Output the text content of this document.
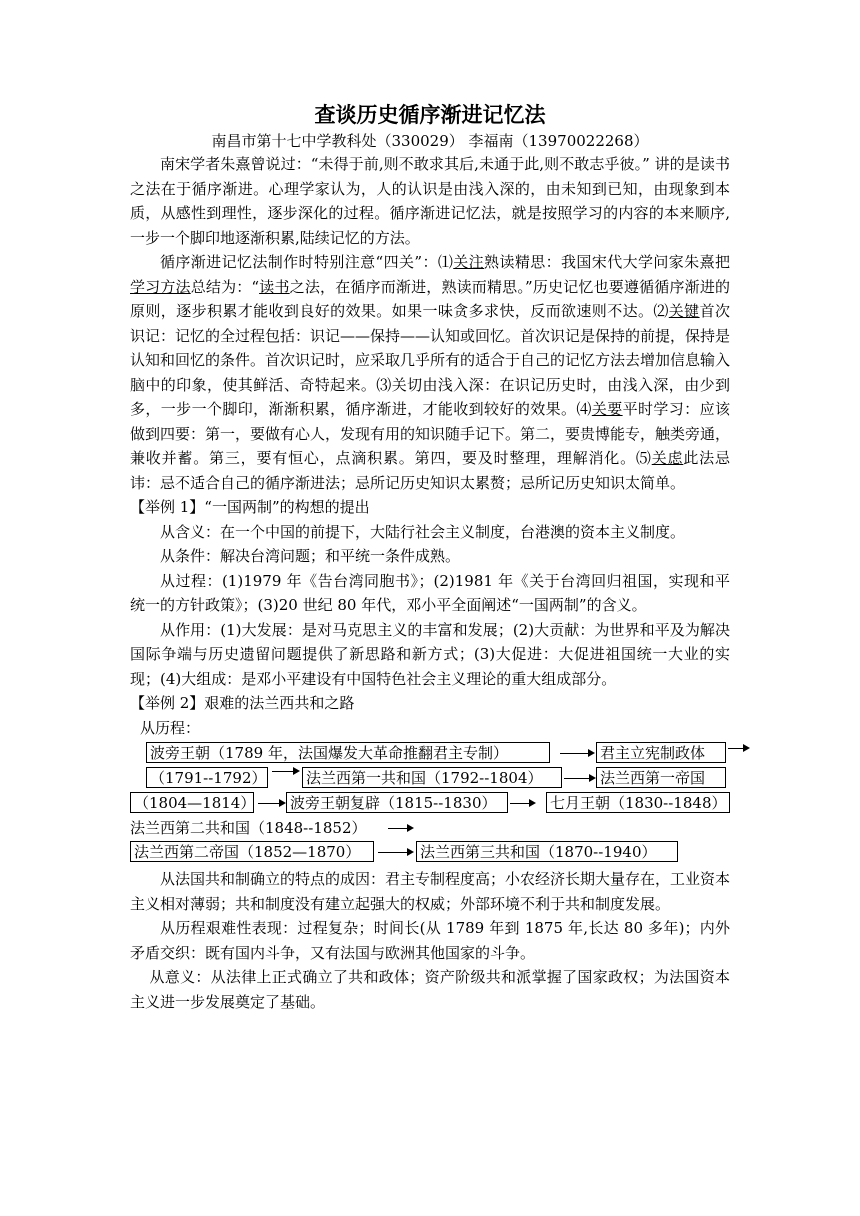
查谈历史循序渐进记忆法

南昌市第十七中学教科处（330029） 李福南（13970022268）

南宋学者朱熹曾说过：“未得于前,则不敢求其后,未通于此,则不敢志乎彼。” 讲的是读书之法在于循序渐进。心理学家认为，人的认识是由浅入深的，由未知到已知，由现象到本质，从感性到理性，逐步深化的过程。循序渐进记忆法，就是按照学习的内容的本来顺序,一步一个脚印地逐渐积累,陆续记忆的方法。

循序渐进记忆法制作时特别注意“四关”：⑴关注熟读精思：我国宋代大学问家朱熹把学习方法总结为：“读书之法，在循序而渐进，熟读而精思。”历史记忆也要遵循循序渐进的原则，逐步积累才能收到良好的效果。如果一味贪多求快，反而欲速则不达。⑵关键首次识记：记忆的全过程包括：识记——保持——认知或回忆。首次识记是保持的前提，保持是认知和回忆的条件。首次识记时，应采取几乎所有的适合于自己的记忆方法去增加信息输入脑中的印象，使其鲜活、奇特起来。⑶关切由浅入深：在识记历史时，由浅入深，由少到多，一步一个脚印，渐渐积累，循序渐进，才能收到较好的效果。⑷关要平时学习：应该做到四要：第一，要做有心人，发现有用的知识随手记下。第二，要贵博能专，触类旁通，兼收并蓄。第三，要有恒心，点滴积累。第四，要及时整理，理解消化。⑸关虑此法忌讳：忌不适合自己的循序渐进法；忌所记历史知识太累赘；忌所记历史知识太简单。

【举例 1】“一国两制”的构想的提出

从含义：在一个中国的前提下，大陆行社会主义制度，台港澳的资本主义制度。

从条件：解决台湾问题；和平统一条件成熟。

从过程：(1)1979 年《告台湾同胞书》；(2)1981 年《关于台湾回归祖国，实现和平统一的方针政策》；(3)20 世纪 80 年代，邓小平全面阐述“一国两制”的含义。

从作用：(1)大发展：是对马克思主义的丰富和发展；(2)大贡献：为世界和平及为解决国际争端与历史遗留问题提供了新思路和新方式；(3)大促进：大促进祖国统一大业的实现；(4)大组成：是邓小平建设有中国特色社会主义理论的重大组成部分。

【举例 2】艰难的法兰西共和之路

从历程：

波旁王朝（1789 年，法国爆发大革命推翻君主专制）	君主立宪制政体
（1791--1792）	法兰西第一共和国（1792--1804）	法兰西第一帝国
（1804—1814） 波旁王朝复辟（1815--1830）	七月王朝（1830--1848）
法兰西第二共和国（1848--1852）
法兰西第二帝国（1852—1870）	法兰西第三共和国（1870--1940）

从法国共和制确立的特点的成因：君主专制程度高；小农经济长期大量存在，工业资本主义相对薄弱；共和制度没有建立起强大的权威；外部环境不利于共和制度发展。

从历程艰难性表现：过程复杂；时间长(从 1789 年到 1875 年,长达 80 多年)；内外矛盾交织：既有国内斗争，又有法国与欧洲其他国家的斗争。

从意义：从法律上正式确立了共和政体；资产阶级共和派掌握了国家政权；为法国资本主义进一步发展奠定了基础。
